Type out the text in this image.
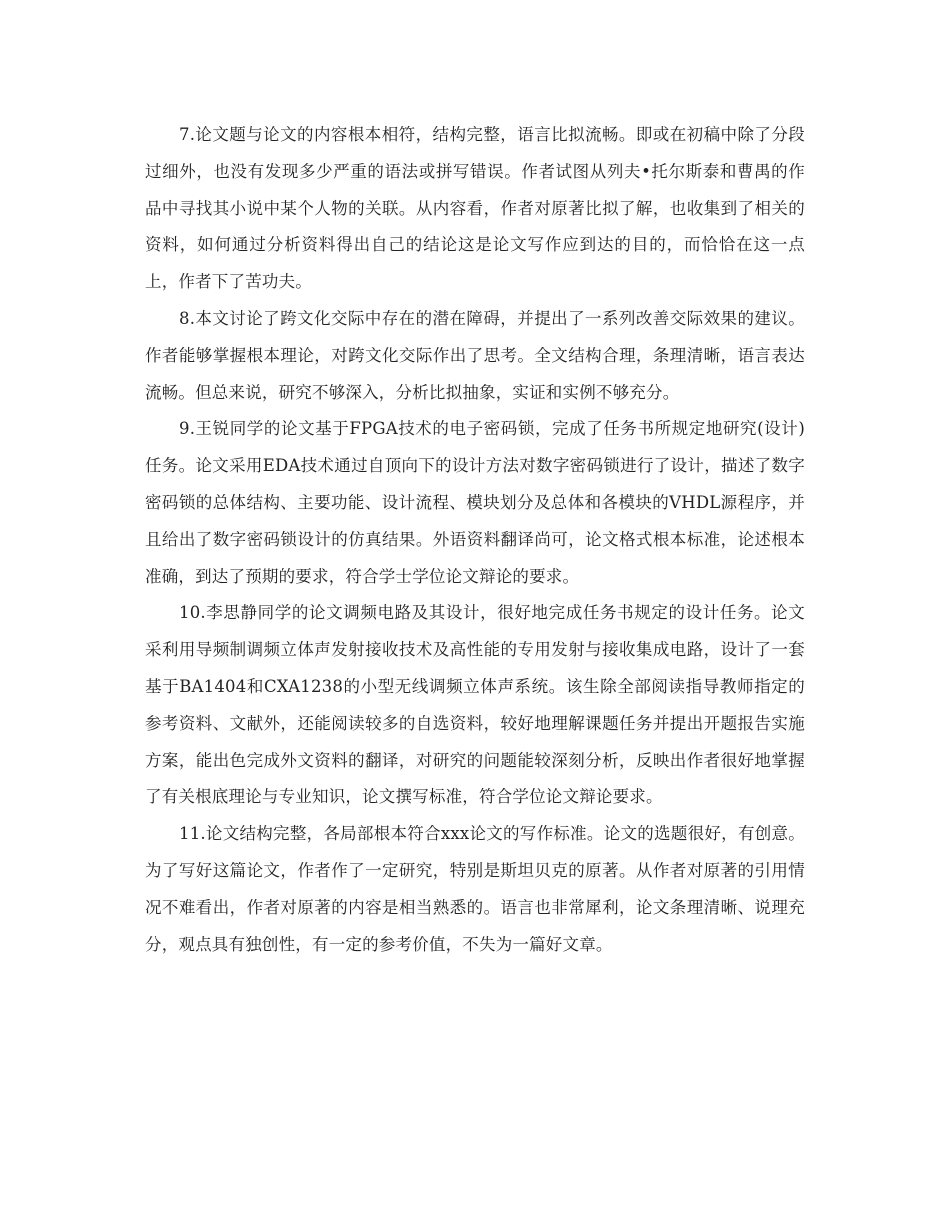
7.论文题与论文的内容根本相符，结构完整，语言比拟流畅。即或在初稿中除了分段过细外，也没有发现多少严重的语法或拼写错误。作者试图从列夫•托尔斯泰和曹禺的作品中寻找其小说中某个人物的关联。从内容看，作者对原著比拟了解，也收集到了相关的资料，如何通过分析资料得出自己的结论这是论文写作应到达的目的，而恰恰在这一点上，作者下了苦功夫。

8.本文讨论了跨文化交际中存在的潜在障碍，并提出了一系列改善交际效果的建议。作者能够掌握根本理论，对跨文化交际作出了思考。全文结构合理，条理清晰，语言表达流畅。但总来说，研究不够深入，分析比拟抽象，实证和实例不够充分。

9.王锐同学的论文基于FPGA技术的电子密码锁，完成了任务书所规定地研究(设计)任务。论文采用EDA技术通过自顶向下的设计方法对数字密码锁进行了设计，描述了数字密码锁的总体结构、主要功能、设计流程、模块划分及总体和各模块的VHDL源程序，并且给出了数字密码锁设计的仿真结果。外语资料翻译尚可，论文格式根本标准，论述根本准确，到达了预期的要求，符合学士学位论文辩论的要求。

10.李思静同学的论文调频电路及其设计，很好地完成任务书规定的设计任务。论文采利用导频制调频立体声发射接收技术及高性能的专用发射与接收集成电路，设计了一套基于BA1404和CXA1238的小型无线调频立体声系统。该生除全部阅读指导教师指定的参考资料、文献外，还能阅读较多的自选资料，较好地理解课题任务并提出开题报告实施方案，能出色完成外文资料的翻译，对研究的问题能较深刻分析，反映出作者很好地掌握了有关根底理论与专业知识，论文撰写标准，符合学位论文辩论要求。

11.论文结构完整，各局部根本符合xxx论文的写作标准。论文的选题很好，有创意。为了写好这篇论文，作者作了一定研究，特别是斯坦贝克的原著。从作者对原著的引用情况不难看出，作者对原著的内容是相当熟悉的。语言也非常犀利，论文条理清晰、说理充分，观点具有独创性，有一定的参考价值，不失为一篇好文章。
